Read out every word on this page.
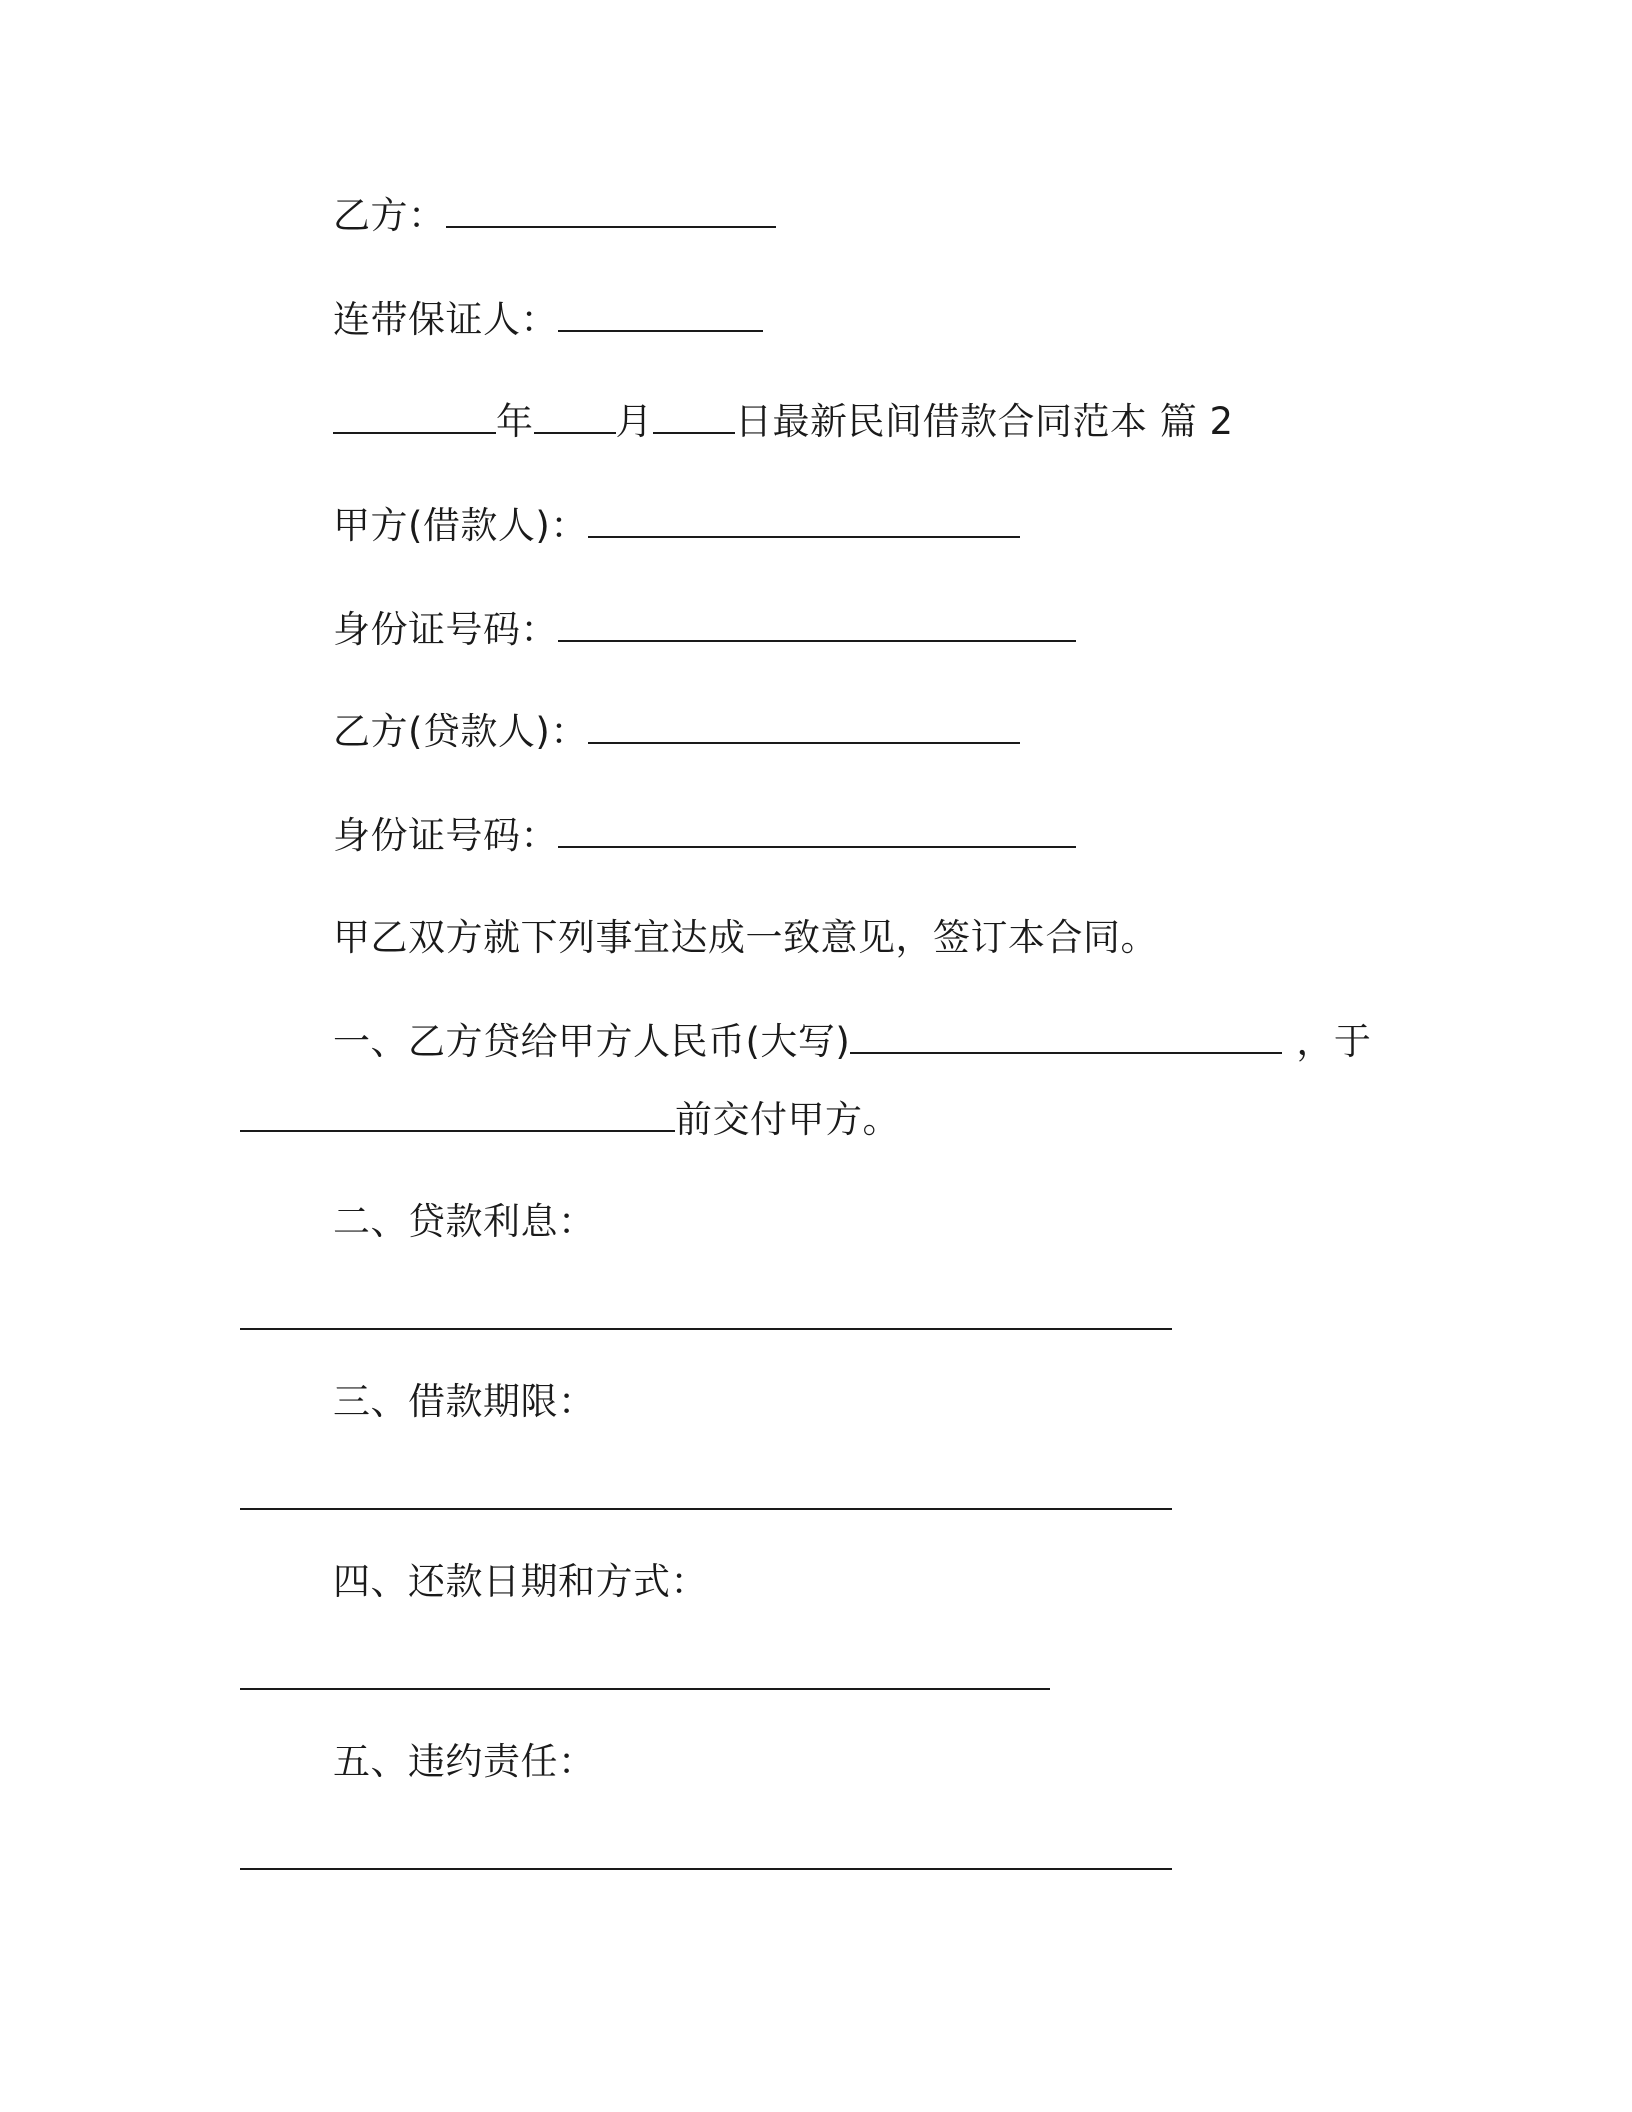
乙方：
连带保证人：
年 月 日最新民间借款合同范本 篇 2
甲方(借款人)：
身份证号码：
乙方(贷款人)：
身份证号码：
甲乙双方就下列事宜达成一致意见，签订本合同。
一、乙方贷给甲方人民币(大写)	，于
前交付甲方。
二、贷款利息：
三、借款期限：
四、还款日期和方式：
五、违约责任：
